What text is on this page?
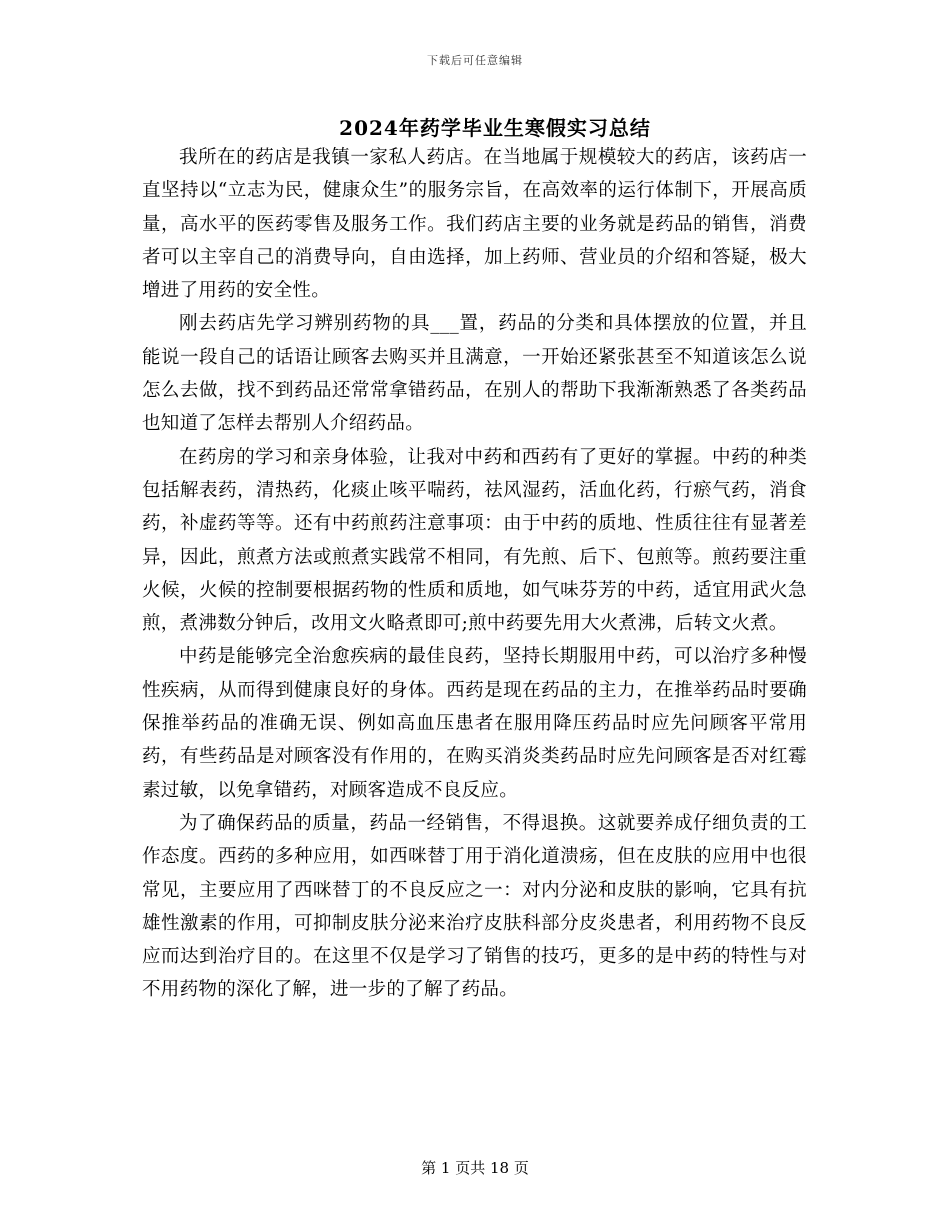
下载后可任意编辑
2024年药学毕业生寒假实习总结

我所在的药店是我镇一家私人药店。在当地属于规模较大的药店，该药店一直坚持以“立志为民，健康众生”的服务宗旨，在高效率的运行体制下，开展高质量，高水平的医药零售及服务工作。我们药店主要的业务就是药品的销售，消费者可以主宰自己的消费导向，自由选择，加上药师、营业员的介绍和答疑，极大增进了用药的安全性。

刚去药店先学习辨别药物的具___置，药品的分类和具体摆放的位置，并且能说一段自己的话语让顾客去购买并且满意，一开始还紧张甚至不知道该怎么说怎么去做，找不到药品还常常拿错药品，在别人的帮助下我渐渐熟悉了各类药品也知道了怎样去帮别人介绍药品。

在药房的学习和亲身体验，让我对中药和西药有了更好的掌握。中药的种类包括解表药，清热药，化痰止咳平喘药，祛风湿药，活血化药，行瘀气药，消食药，补虚药等等。还有中药煎药注意事项：由于中药的质地、性质往往有显著差异，因此，煎煮方法或煎煮实践常不相同，有先煎、后下、包煎等。煎药要注重火候，火候的控制要根据药物的性质和质地，如气味芬芳的中药，适宜用武火急煎，煮沸数分钟后，改用文火略煮即可;煎中药要先用大火煮沸，后转文火煮。

中药是能够完全治愈疾病的最佳良药，坚持长期服用中药，可以治疗多种慢性疾病，从而得到健康良好的身体。西药是现在药品的主力，在推举药品时要确保推举药品的准确无误、例如高血压患者在服用降压药品时应先问顾客平常用药，有些药品是对顾客没有作用的，在购买消炎类药品时应先问顾客是否对红霉素过敏，以免拿错药，对顾客造成不良反应。

为了确保药品的质量，药品一经销售，不得退换。这就要养成仔细负责的工作态度。西药的多种应用，如西咪替丁用于消化道溃疡，但在皮肤的应用中也很常见，主要应用了西咪替丁的不良反应之一：对内分泌和皮肤的影响，它具有抗雄性激素的作用，可抑制皮肤分泌来治疗皮肤科部分皮炎患者，利用药物不良反应而达到治疗目的。在这里不仅是学习了销售的技巧，更多的是中药的特性与对不用药物的深化了解，进一步的了解了药品。

第 1 页共 18 页
